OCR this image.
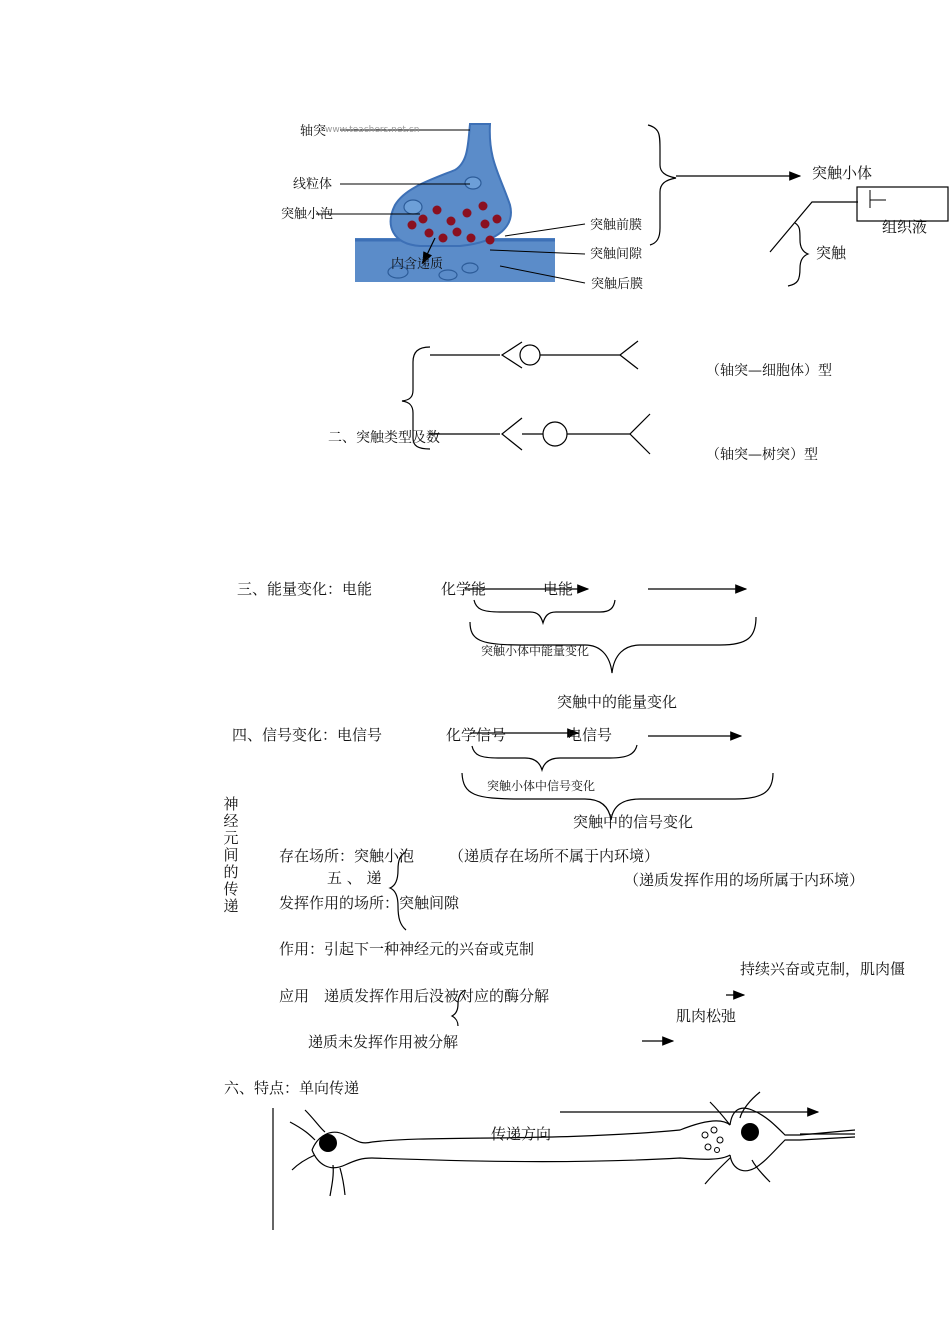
www.teachers.net.cn
轴突
线粒体
突触小泡
内含递质
突触前膜
突触间隙
突触后膜
突触小体
突触
组织液
二、突触类型及数
（轴突—细胞体）型
（轴突—树突）型
三、能量变化：电能	化学能	电能
突触小体中能量变化
突触中的能量变化
四、信号变化：电信号	化学信号	电信号
突触小体中信号变化
突触中的信号变化
神经元间的传递
存在场所：突触小泡 （递质存在场所不属于内环境）
五 、 递	（递质发挥作用的场所属于内环境）
发挥作用的场所：突触间隙
作用：引起下一种神经元的兴奋或克制
持续兴奋或克制，肌肉僵
应用　递质发挥作用后没被对应的酶分解
肌肉松弛
递质未发挥作用被分解
六、特点：单向传递
传递方向
